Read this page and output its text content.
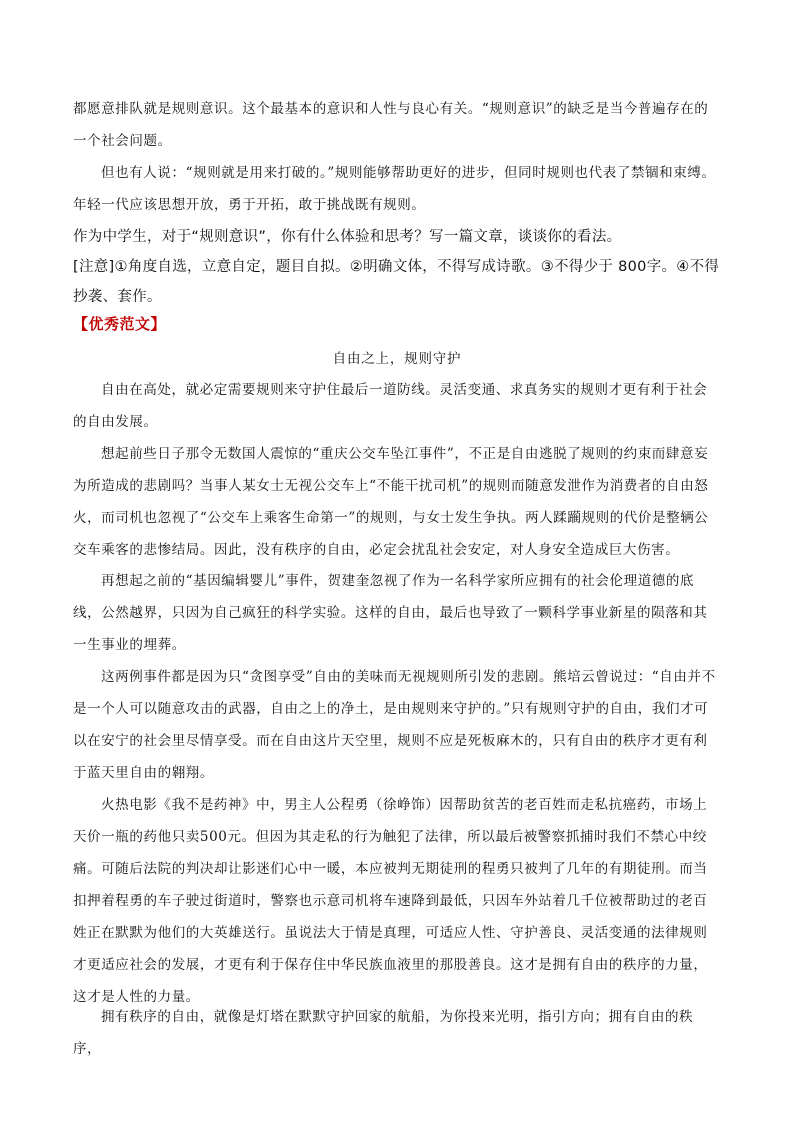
都愿意排队就是规则意识。这个最基本的意识和人性与良心有关。“规则意识”的缺乏是当今普遍存在的一个社会问题。

但也有人说：“规则就是用来打破的。”规则能够帮助更好的进步，但同时规则也代表了禁锢和束缚。年轻一代应该思想开放，勇于开拓，敢于挑战既有规则。

作为中学生，对于“规则意识”，你有什么体验和思考？写一篇文章，谈谈你的看法。

[注意]①角度自选，立意自定，题目自拟。②明确文体，不得写成诗歌。③不得少于 800字。④不得抄袭、套作。

【优秀范文】

自由之上，规则守护

自由在高处，就必定需要规则来守护住最后一道防线。灵活变通、求真务实的规则才更有利于社会的自由发展。

想起前些日子那令无数国人震惊的“重庆公交车坠江事件”，不正是自由逃脱了规则的约束而肆意妄为所造成的悲剧吗？当事人某女士无视公交车上“不能干扰司机”的规则而随意发泄作为消费者的自由怒火，而司机也忽视了“公交车上乘客生命第一”的规则，与女士发生争执。两人蹂躏规则的代价是整辆公交车乘客的悲惨结局。因此，没有秩序的自由，必定会扰乱社会安定，对人身安全造成巨大伤害。

再想起之前的“基因编辑婴儿”事件，贺建奎忽视了作为一名科学家所应拥有的社会伦理道德的底线，公然越界，只因为自己疯狂的科学实验。这样的自由，最后也导致了一颗科学事业新星的陨落和其一生事业的埋葬。

这两例事件都是因为只“贪图享受”自由的美味而无视规则所引发的悲剧。熊培云曾说过：“自由并不是一个人可以随意攻击的武器，自由之上的净土，是由规则来守护的。”只有规则守护的自由，我们才可以在安宁的社会里尽情享受。而在自由这片天空里，规则不应是死板麻木的，只有自由的秩序才更有利于蓝天里自由的翱翔。

火热电影《我不是药神》中，男主人公程勇（徐峥饰）因帮助贫苦的老百姓而走私抗癌药，市场上天价一瓶的药他只卖500元。但因为其走私的行为触犯了法律，所以最后被警察抓捕时我们不禁心中绞痛。可随后法院的判决却让影迷们心中一暖，本应被判无期徒刑的程勇只被判了几年的有期徒刑。而当扣押着程勇的车子驶过街道时，警察也示意司机将车速降到最低，只因车外站着几千位被帮助过的老百姓正在默默为他们的大英雄送行。虽说法大于情是真理，可适应人性、守护善良、灵活变通的法律规则才更适应社会的发展，才更有利于保存住中华民族血液里的那股善良。这才是拥有自由的秩序的力量，这才是人性的力量。

拥有秩序的自由，就像是灯塔在默默守护回家的航船，为你投来光明，指引方向；拥有自由的秩序，
